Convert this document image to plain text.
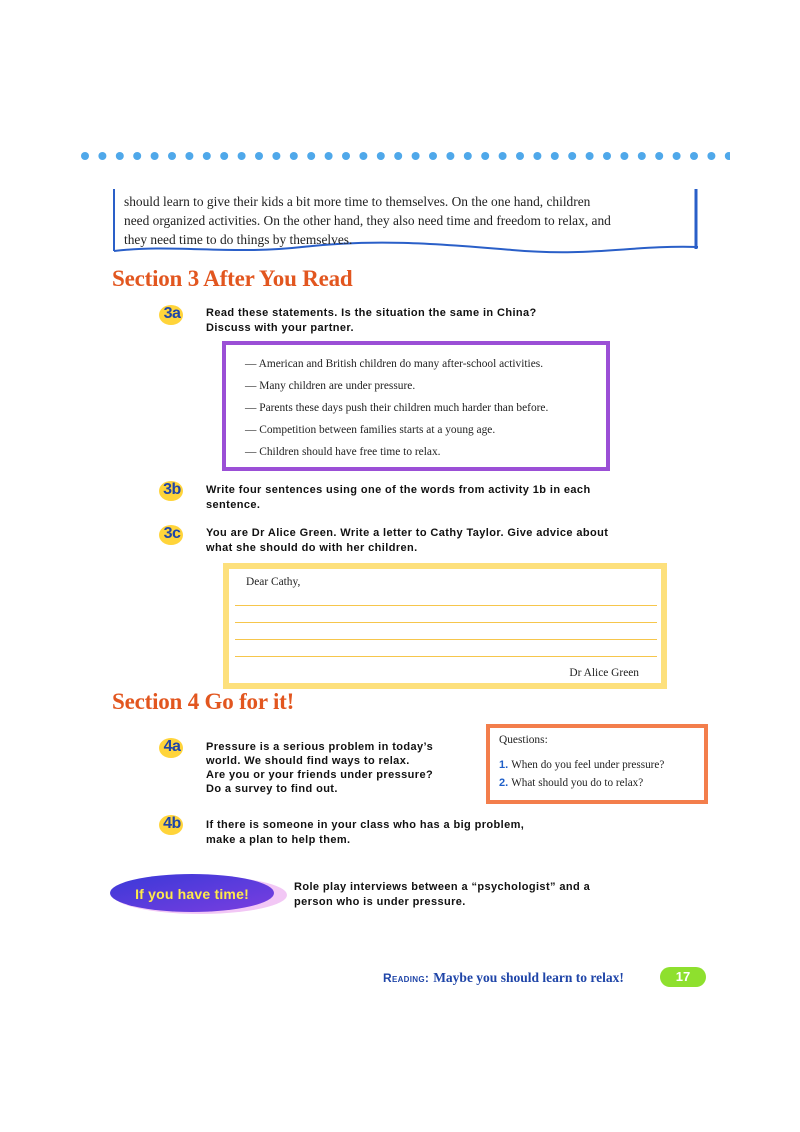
should learn to give their kids a bit more time to themselves. On the one hand, children
need organized activities. On the other hand, they also need time and freedom to relax, and
they need time to do things by themselves.
Section 3 After You Read
3a Read these statements. Is the situation the same in China?
Discuss with your partner.
— American and British children do many after-school activities.
— Many children are under pressure.
— Parents these days push their children much harder than before.
— Competition between families starts at a young age.
— Children should have free time to relax.
3b Write four sentences using one of the words from activity 1b in each
sentence.
3c You are Dr Alice Green. Write a letter to Cathy Taylor. Give advice about
what she should do with her children.
Dear Cathy,
Dr Alice Green
Section 4 Go for it!
4a Pressure is a serious problem in today’s
world. We should find ways to relax.
Are you or your friends under pressure?
Do a survey to find out.
Questions:
1. When do you feel under pressure?
2. What should you do to relax?
4b If there is someone in your class who has a big problem,
make a plan to help them.
If you have time!	Role play interviews between a “psychologist” and a
person who is under pressure.
Reading: Maybe you should learn to relax!	17
